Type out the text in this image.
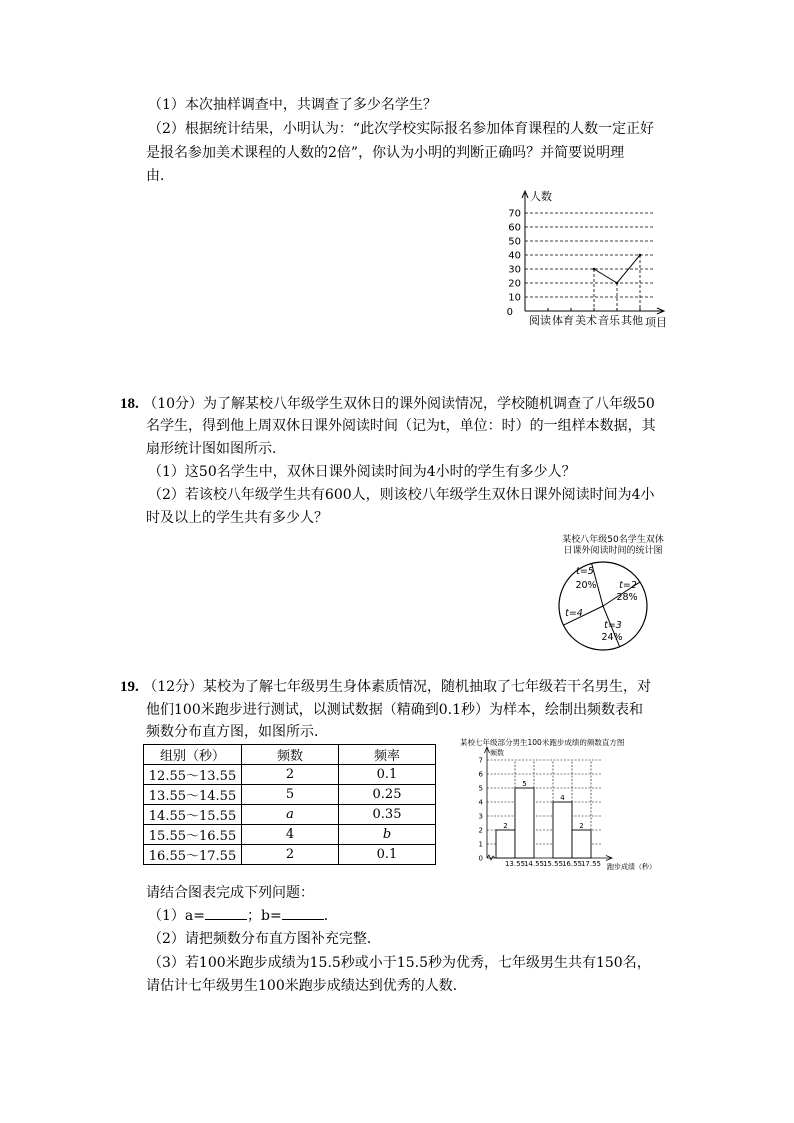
（1）本次抽样调查中，共调查了多少名学生？
（2）根据统计结果，小明认为：“此次学校实际报名参加体育课程的人数一定正好
是报名参加美术课程的人数的2倍”，你认为小明的判断正确吗？并简要说明理
由．
人数
0
10
20
30
40
50
60
70
阅读 体育 美术 音乐 其他 项目
18. （10分）为了解某校八年级学生双休日的课外阅读情况，学校随机调查了八年级50
名学生，得到他上周双休日课外阅读时间（记为t，单位：时）的一组样本数据，其
扇形统计图如图所示．
（1）这50名学生中，双休日课外阅读时间为4小时的学生有多少人？
（2）若该校八年级学生共有600人，则该校八年级学生双休日课外阅读时间为4小
时及以上的学生共有多少人？
某校八年级50名学生双休
日课外阅读时间的统计图
t=5
20% t=2
28%
t=3
24%
t=4
19. （12分）某校为了解七年级男生身体素质情况，随机抽取了七年级若干名男生，对
他们100米跑步进行测试，以测试数据（精确到0.1秒）为样本，绘制出频数表和
频数分布直方图，如图所示．
组别（秒）	频数	频率
12.55～13.55	2	0.1
13.55～14.55	5	0.25
14.55～15.55	a	0.35
15.55～16.55	4	b
16.55～17.55	2	0.1
某校七年级部分男生100米跑步成绩的频数直方图
频数
跑步成绩（秒）
0
1
2
3
4
5
6
7
13.55
14.55
15.55
16.55
17.55
2
5
4
2
请结合图表完成下列问题：
（1）a=	；b=	．
（2）请把频数分布直方图补充完整．
（3）若100米跑步成绩为15.5秒或小于15.5秒为优秀，七年级男生共有150名，
请估计七年级男生100米跑步成绩达到优秀的人数．
